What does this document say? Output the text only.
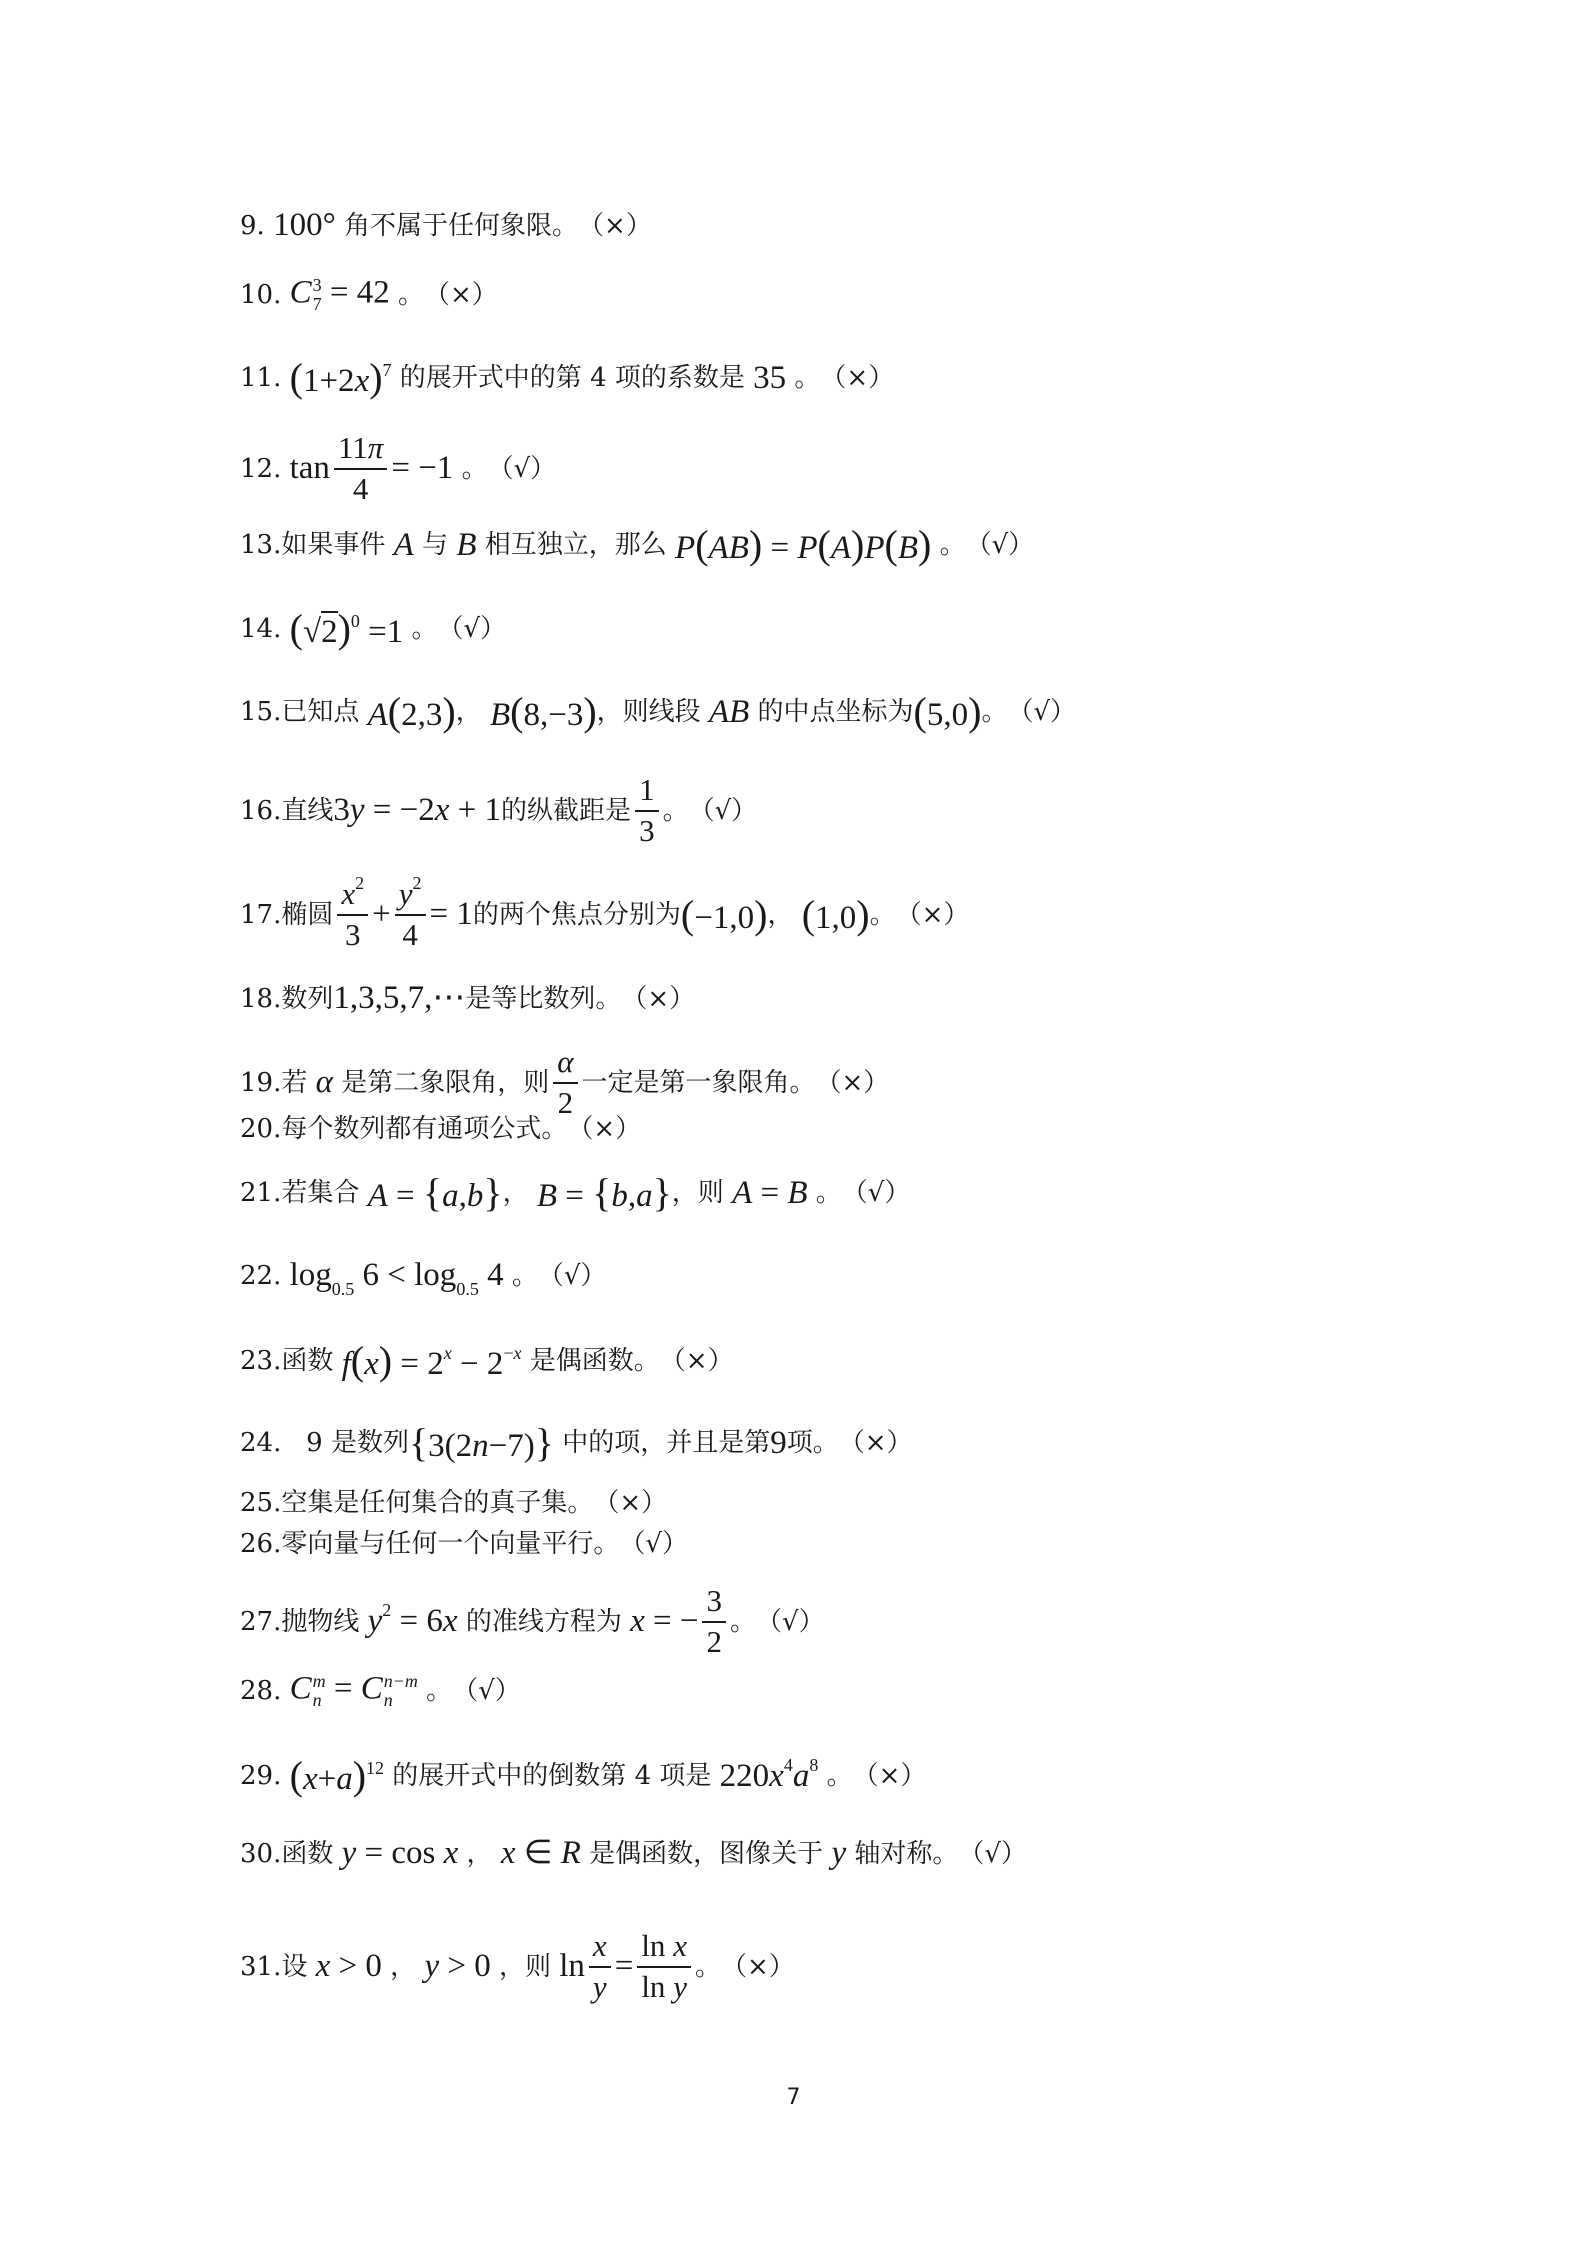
9. 100° 角不属于任何象限。 （×）
10. C 3
7 = 42 。 （×）
11. $(1+2x)^7$ 的展开式中的第 4 项的系数是 35 。 （×）
12. $\tan \frac{11\pi}{4} = -1$ 。 （√）
13. 如果事件 A 与 B 相互独立，那么 P(AB) = P(A)P(B) 。 （√）
14. $(√2)^0 =1$ 。 （√）
15. 已知点 A(2,3) ， B(8,−3) ，则线段 AB 的中点坐标为 (5,0) 。 （√）
16. 直线 3y = −2x + 1 的纵截距是 $\frac{1}{3}$ 。 （√）
17. 椭圆 $\frac{x^2}{3} + \frac{y^2}{4} = 1$ 的两个焦点分别为 (−1,0) ， (1,0) 。 （×）
18. 数列 1,3,5,7,⋯ 是等比数列。 （×）
19. 若 α 是第二象限角，则 $\frac{\alpha}{2}$ 一定是第一象限角。 （×）
20. 每个数列都有通项公式。 （×）
21. 若集合 A = {a,b} ， B = {b,a} ，则 A = B 。 （√）
22. $\log_{0.5} 6 < \log_{0.5} 4$ 。 （√）
23. 函数 $f(x) = 2^x - 2^{-x}$ 是偶函数。 （×）
24. 9 是数列 {3(2n−7)} 中的项，并且是第 9 项。 （×）
25. 空集是任何集合的真子集。 （×）
26. 零向量与任何一个向量平行。 （√）
27. 抛物线 $y^2 = 6x$ 的准线方程为 x = − $\frac{3}{2}$ 。 （√）
28. C m
n = C n−m
n 。 （√）
29. $(x+a)^{12}$ 的展开式中的倒数第 4 项是 $220x^4a^8$ 。 （×）
30. 函数 y = cos x ， x ∈ R 是偶函数，图像关于 y 轴对称。 （√）
31. 设 x > 0 ， y > 0 ，则 $\ln \frac{x}{y} = \frac{\text{ln x}}{\text{ln y}}$ 。 （×）
7
